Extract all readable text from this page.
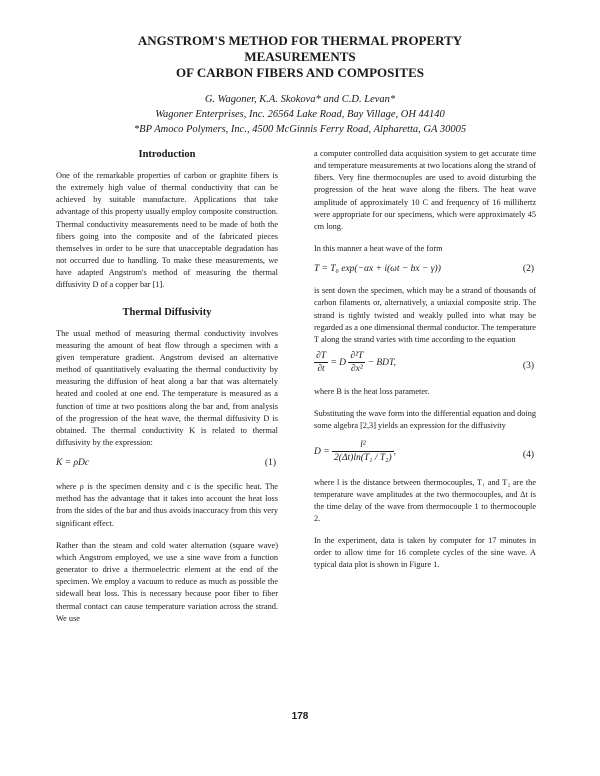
ANGSTROM'S METHOD FOR THERMAL PROPERTY
MEASUREMENTS
OF CARBON FIBERS AND COMPOSITES
G. Wagoner, K.A. Skokova* and C.D. Levan*
Wagoner Enterprises, Inc. 26564 Lake Road, Bay Village, OH 44140
*BP Amoco Polymers, Inc., 4500 McGinnis Ferry Road, Alpharetta, GA 30005

Introduction

One of the remarkable properties of carbon or graphite fibers is the extremely high value of thermal conductivity that can be achieved by suitable manufacture. Applications that take advantage of this property usually employ composite construction. Thermal conductivity measurements need to be made of both the fibers going into the composite and of the fabricated pieces themselves in order to be sure that unacceptable degradation has not occurred due to handling. To make these measurements, we have adapted Angstrom's method of measuring the thermal diffusivity D of a copper bar [1].

Thermal Diffusivity

The usual method of measuring thermal conductivity involves measuring the amount of heat flow through a specimen with a given temperature gradient. Angstrom devised an alternative method of quantitatively evaluating the thermal conductivity by measuring the diffusion of heat along a bar that was alternately heated and cooled at one end. The temperature is measured as a function of time at two positions along the bar and, from analysis of the progression of the heat wave, the thermal diffusivity D is obtained. The thermal conductivity K is related to thermal diffusivity by the expression:

K = ρDc	(1)

where ρ is the specimen density and c is the specific heat. The method has the advantage that it takes into account the heat loss from the sides of the bar and thus avoids inaccuracy from this very significant effect.

Rather than the steam and cold water alternation (square wave) which Angstrom employed, we use a sine wave from a function generator to drive a thermoelectric element at the end of the specimen. We employ a vacuum to reduce as much as possible the sidewall heat loss. This is necessary because poor fiber to fiber thermal contact can cause temperature variation across the strand. We use

a computer controlled data acquisition system to get accurate time and temperature measurements at two locations along the strand of fibers. Very fine thermocouples are used to avoid disturbing the progression of the heat wave along the fibers. The heat wave amplitude of approximately 10 C and frequency of 16 millihertz were appropriate for our specimens, which were approximately 45 cm long.

In this manner a heat wave of the form

T = T₀ exp(−αx + i(ωt − bx − γ))	(2)

is sent down the specimen, which may be a strand of thousands of carbon filaments or, alternatively, a uniaxial composite strip. The strand is tightly twisted and weakly pulled into what may be regarded as a one dimensional thermal conductor. The temperature T along the strand varies with time according to the equation

$\frac{\partial T}{\partial t} = D \frac{\text{∂²T}}{\text{∂x²}}$ − BDT,	(3)

where B is the heat loss parameter.

Substituting the wave form into the differential equation and doing some algebra [2,3] yields an expression for the diffusivity

$D = \frac{\text{l²}}{\text{2(Δt)ln(T₁ / T₂)}}$ ,	(4)

where l is the distance between thermocouples, T₁ and T₂ are the temperature wave amplitudes at the two thermocouples, and Δt is the time delay of the wave from thermocouple 1 to thermocouple 2.

In the experiment, data is taken by computer for 17 minutes in order to allow time for 16 complete cycles of the sine wave. A typical data plot is shown in Figure 1.

178
